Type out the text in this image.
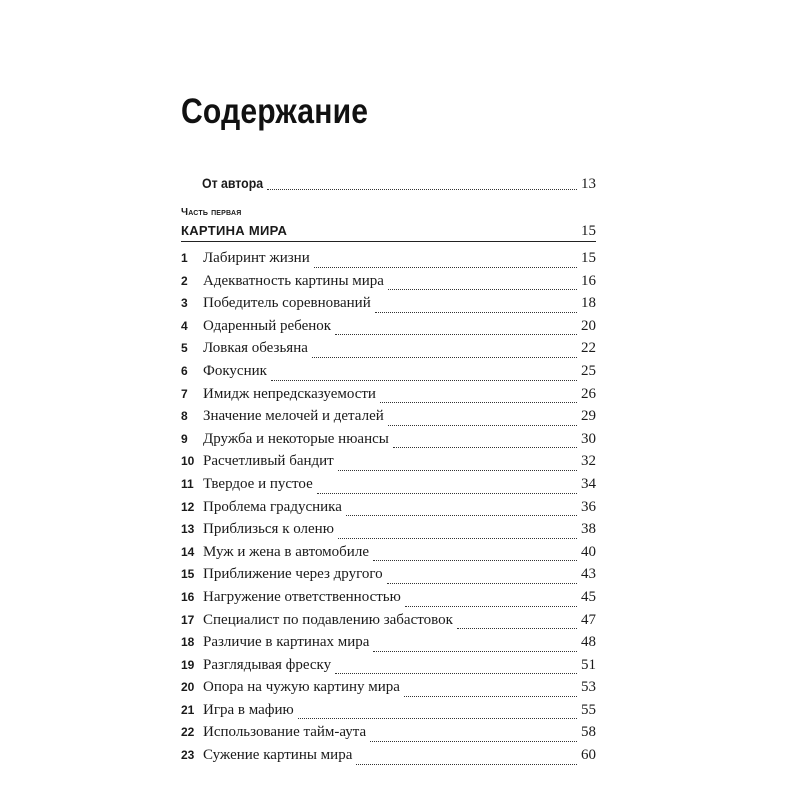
Содержание
От автора	13
Часть первая
КАРТИНА МИРА	15
1	Лабиринт жизни	15
2	Адекватность картины мира	16
3	Победитель соревнований	18
4	Одаренный ребенок	20
5	Ловкая обезьяна	22
6	Фокусник	25
7	Имидж непредсказуемости	26
8	Значение мелочей и деталей	29
9	Дружба и некоторые нюансы	30
10 Расчетливый бандит	32
11 Твердое и пустое	34
12 Проблема градусника	36
13 Приблизься к оленю	38
14 Муж и жена в автомобиле	40
15 Приближение через другого	43
16 Нагружение ответственностью	45
17 Специалист по подавлению забастовок	47
18 Различие в картинах мира	48
19 Разглядывая фреску	51
20 Опора на чужую картину мира	53
21 Игра в мафию	55
22 Использование тайм-аута	58
23 Сужение картины мира	60
